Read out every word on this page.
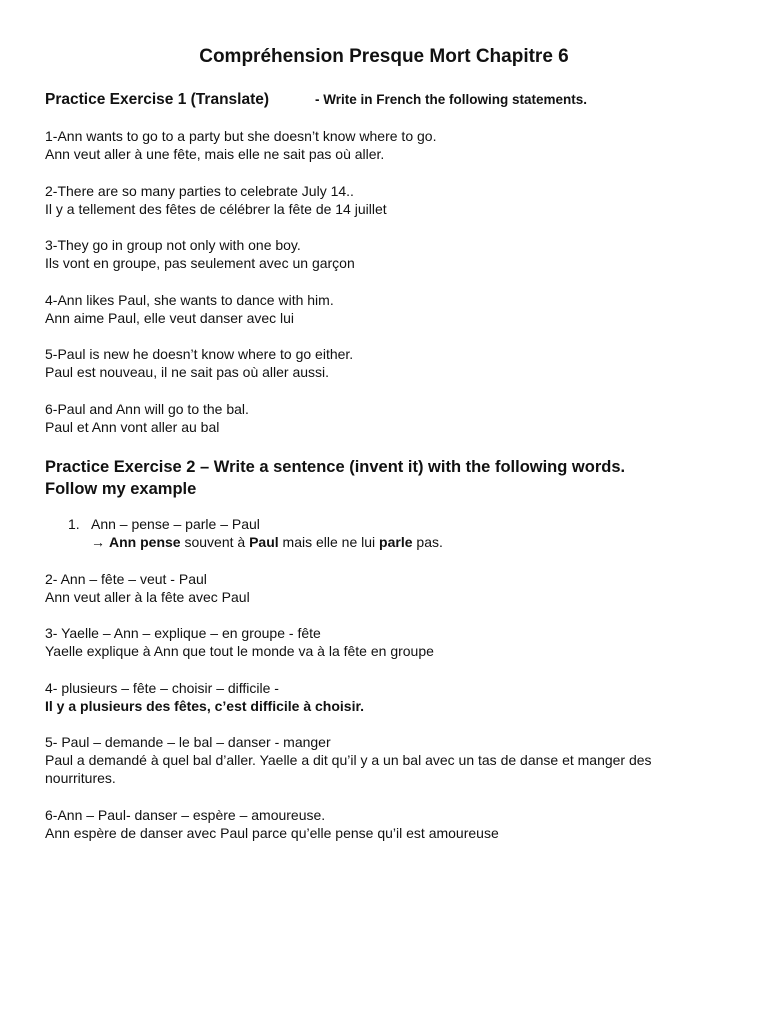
Compréhension Presque Mort Chapitre 6
Practice Exercise 1 (Translate)	- Write in French the following statements.
1-Ann wants to go to a party but she doesn’t know where to go.
Ann veut aller à une fête, mais elle ne sait pas où aller.
2-There are so many parties to celebrate July 14..
Il y a tellement des fêtes de célébrer la fête de 14 juillet
3-They go in group not only with one boy.
Ils vont en groupe, pas seulement avec un garçon
4-Ann likes Paul, she wants to dance with him.
Ann aime Paul, elle veut danser avec lui
5-Paul is new he doesn’t know where to go either.
Paul est nouveau, il ne sait pas où aller aussi.
6-Paul and Ann will go to the bal.
Paul et Ann vont aller au bal
Practice Exercise 2 – Write a sentence (invent it) with the following words.
Follow my example
1. Ann – pense – parle – Paul
→ Ann pense souvent à Paul mais elle ne lui parle pas.
2- Ann – fête – veut - Paul
Ann veut aller à la fête avec Paul
3- Yaelle – Ann – explique – en groupe - fête
Yaelle explique à Ann que tout le monde va à la fête en groupe
4- plusieurs – fête – choisir – difficile -
Il y a plusieurs des fêtes, c’est difficile à choisir.
5- Paul – demande – le bal – danser - manger
Paul a demandé à quel bal d’aller. Yaelle a dit qu’il y a un bal avec un tas de danse et manger des nourritures.
6-Ann – Paul- danser – espère – amoureuse.
Ann espère de danser avec Paul parce qu’elle pense qu’il est amoureuse
